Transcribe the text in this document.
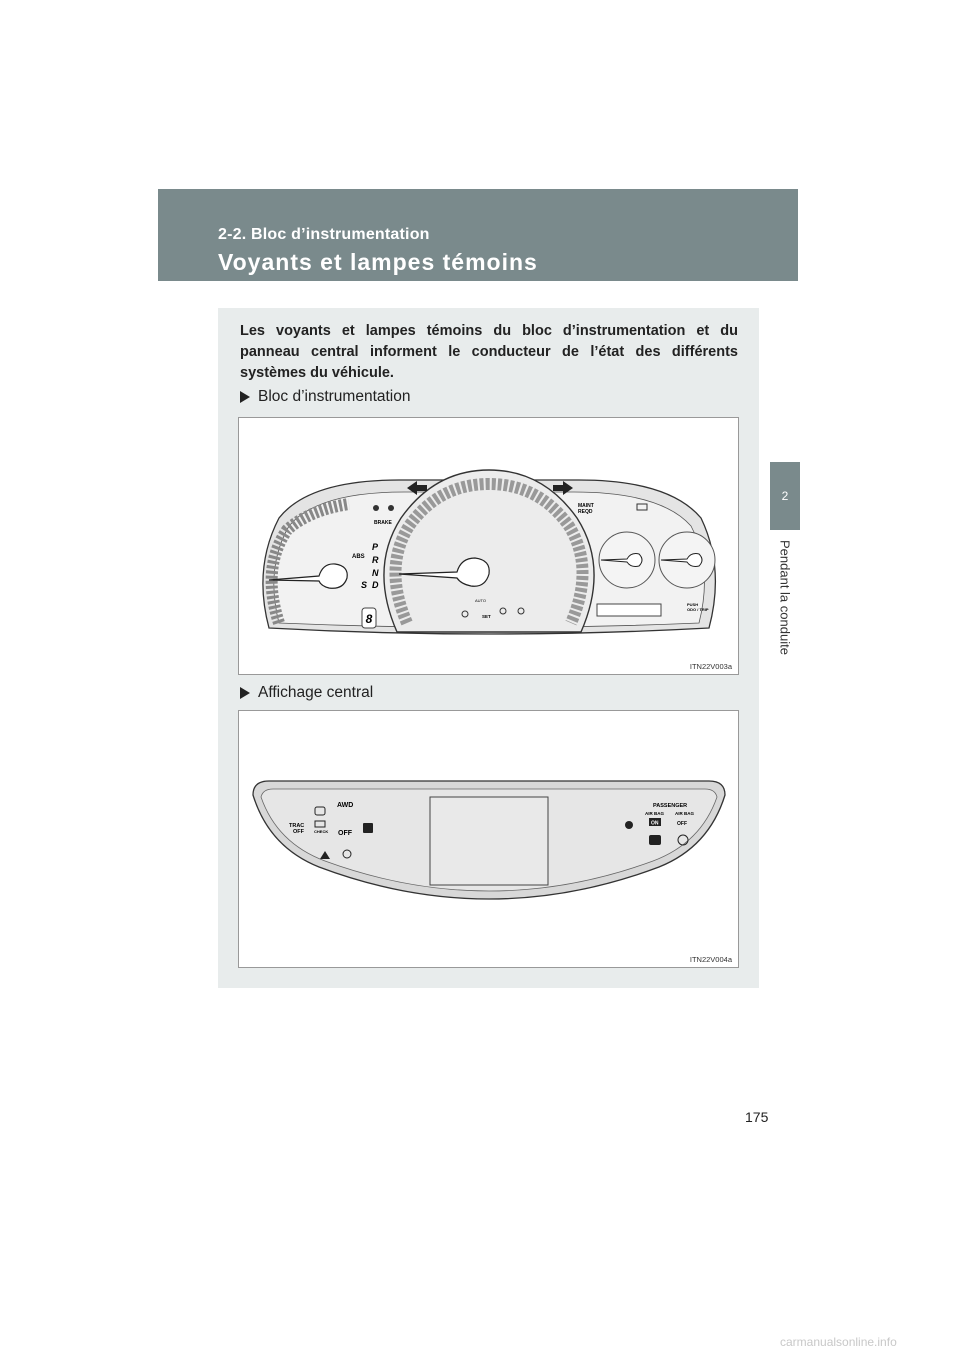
2-2. Bloc d’instrumentation
Voyants et lampes témoins
2
Pendant la conduite
Les voyants et lampes témoins du bloc d’instrumentation et du panneau central informent le conducteur de l’état des différents systèmes du véhicule.
Bloc d’instrumentation
8
BRAKE
ABS
P
R
N
S D
MAINT
REQD
AUTO
SET
PUSH
ODO / TRIP
ITN22V003a
Affichage central
AWD
TRAC
OFF	CHECK OFF
PASSENGER
AIR BAG AIR BAG
ON	OFF
ITN22V004a
175
carmanualsonline.info
